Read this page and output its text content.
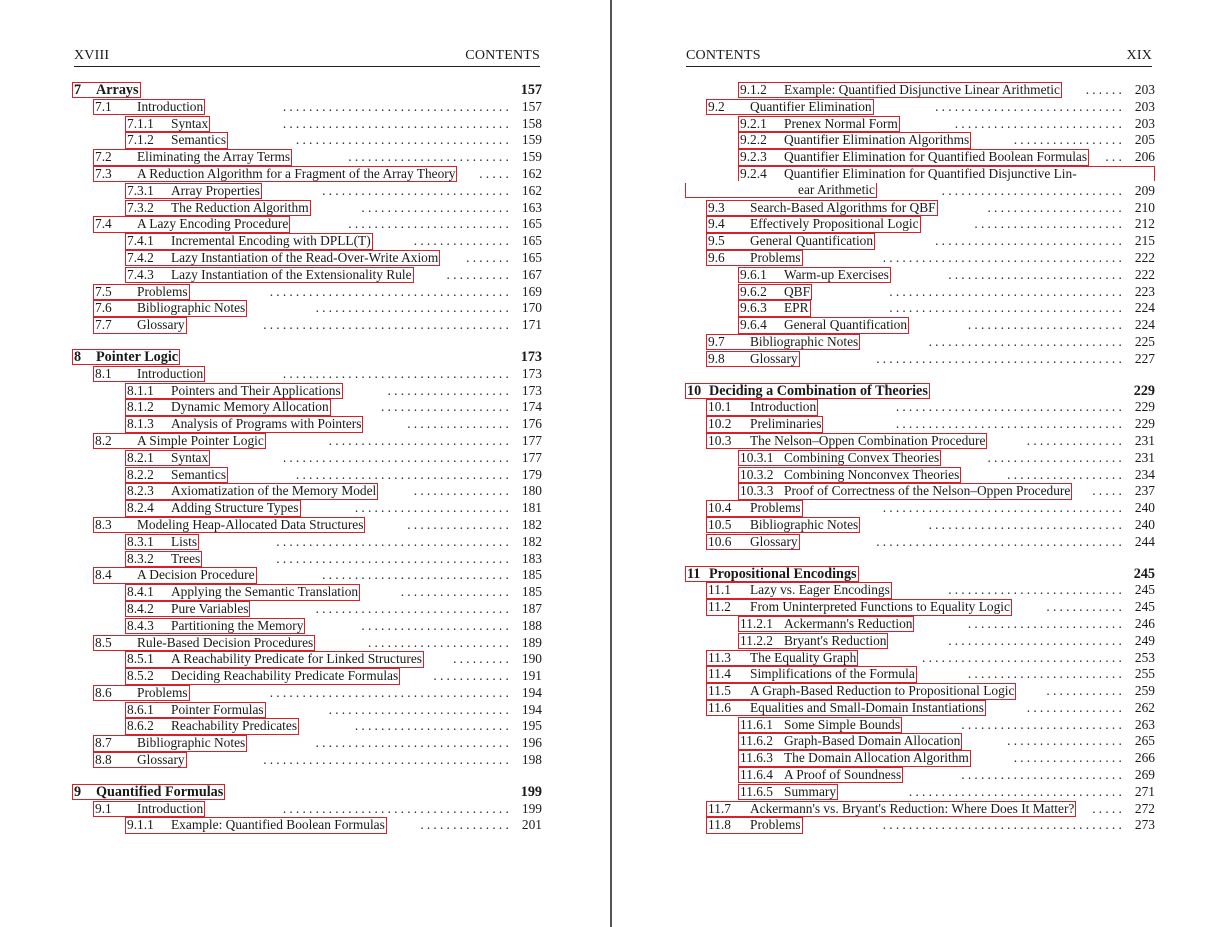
XVIII	CONTENTS
7	Arrays	157
7.1	Introduction	157
...................................
7.1.1	Syntax	158
...................................
7.1.2	Semantics	159
.................................
7.2	Eliminating the Array Terms	159
.........................
7.3	A Reduction Algorithm for a Fragment of the Array Theory	162
.....
7.3.1	Array Properties	162
.............................
7.3.2	The Reduction Algorithm	163
.......................
7.4	A Lazy Encoding Procedure	165
.........................
7.4.1	Incremental Encoding with DPLL(T)	165
...............
7.4.2	Lazy Instantiation of the Read-Over-Write Axiom	165
.......
7.4.3	Lazy Instantiation of the Extensionality Rule	167
..........
7.5	Problems	169
.....................................
7.6	Bibliographic Notes	170
..............................
7.7	Glossary	171
......................................
8	Pointer Logic	173
8.1	Introduction	173
...................................
8.1.1	Pointers and Their Applications	173
...................
8.1.2	Dynamic Memory Allocation	174
....................
8.1.3	Analysis of Programs with Pointers	176
................
8.2	A Simple Pointer Logic	177
............................
8.2.1	Syntax	177
...................................
8.2.2	Semantics	179
.................................
8.2.3	Axiomatization of the Memory Model	180
...............
8.2.4	Adding Structure Types	181
........................
8.3	Modeling Heap-Allocated Data Structures	182
................
8.3.1	Lists	182
....................................
8.3.2	Trees	183
....................................
8.4	A Decision Procedure	185
.............................
8.4.1	Applying the Semantic Translation	185
.................
8.4.2	Pure Variables	187
..............................
8.4.3	Partitioning the Memory	188
.......................
8.5	Rule-Based Decision Procedures	189
......................
8.5.1	A Reachability Predicate for Linked Structures	190
.........
8.5.2	Deciding Reachability Predicate Formulas	191
............
8.6	Problems	194
.....................................
8.6.1	Pointer Formulas	194
............................
8.6.2	Reachability Predicates	195
........................
8.7	Bibliographic Notes	196
..............................
8.8	Glossary	198
......................................
9	Quantified Formulas	199
9.1	Introduction	199
...................................
9.1.1	Example: Quantified Boolean Formulas	201
..............
CONTENTS	XIX
9.1.2	Example: Quantified Disjunctive Linear Arithmetic	203
......
9.2	Quantifier Elimination	203
.............................
9.2.1	Prenex Normal Form	203
..........................
9.2.2	Quantifier Elimination Algorithms	205
.................
9.2.3	Quantifier Elimination for Quantified Boolean Formulas	206
...
9.2.4	Quantifier Elimination for Quantified Disjunctive Lin-
ear Arithmetic	209
............................
9.3	Search-Based Algorithms for QBF	210
.....................
9.4	Effectively Propositional Logic	212
.......................
9.5	General Quantification	215
.............................
9.6	Problems	222
.....................................
9.6.1	Warm-up Exercises	222
...........................
9.6.2	QBF	223
....................................
9.6.3	EPR	224
....................................
9.6.4	General Quantification	224
........................
9.7	Bibliographic Notes	225
..............................
9.8	Glossary	227
......................................
10 Deciding a Combination of Theories	229
10.1	Introduction	229
...................................
10.2	Preliminaries	229
...................................
10.3	The Nelson–Oppen Combination Procedure	231
...............
10.3.1 Combining Convex Theories	231
.....................
10.3.2 Combining Nonconvex Theories	234
..................
10.3.3 Proof of Correctness of the Nelson–Oppen Procedure	237
.....
10.4	Problems	240
.....................................
10.5	Bibliographic Notes	240
..............................
10.6	Glossary	244
......................................
11 Propositional Encodings	245
11.1	Lazy vs. Eager Encodings	245
...........................
11.2	From Uninterpreted Functions to Equality Logic	245
............
11.2.1 Ackermann's Reduction	246
........................
11.2.2 Bryant's Reduction	249
...........................
11.3	The Equality Graph	253
...............................
11.4	Simplifications of the Formula	255
........................
11.5	A Graph-Based Reduction to Propositional Logic	259
............
11.6	Equalities and Small-Domain Instantiations	262
...............
11.6.1 Some Simple Bounds	263
.........................
11.6.2 Graph-Based Domain Allocation	265
..................
11.6.3 The Domain Allocation Algorithm	266
.................
11.6.4 A Proof of Soundness	269
.........................
11.6.5 Summary	271
.................................
11.7	Ackermann's vs. Bryant's Reduction: Where Does It Matter?	272
.....
11.8	Problems	273
.....................................
